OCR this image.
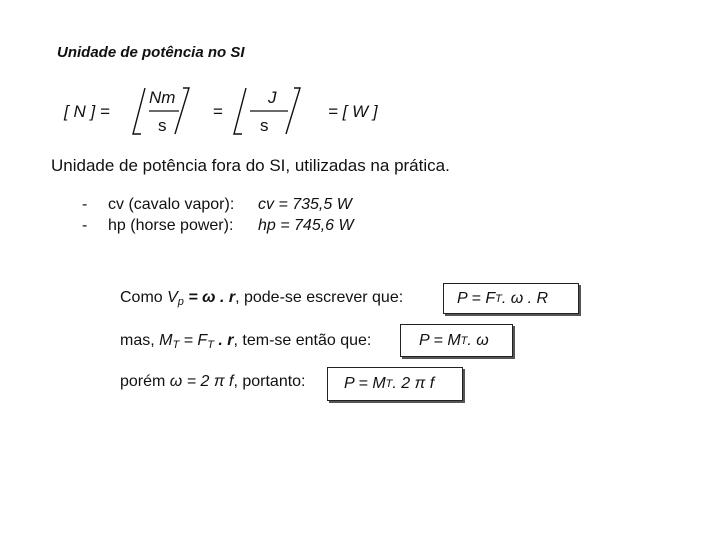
Unidade de potência no SI
[ N ] =
Nm
s
=
J
s
= [ W ]
Unidade de potência fora do SI, utilizadas na prática.
- cv (cavalo vapor): cv = 735,5 W
- hp (horse power): hp = 745,6 W
Como $V_p = \omega$ . r, pode-se escrever que:	P = F T . ω . R
mas, $M_T = F_T$ . r, tem-se então que:	P = M T . ω
porém ω = 2 π f, portanto: P = M T . 2 π f
